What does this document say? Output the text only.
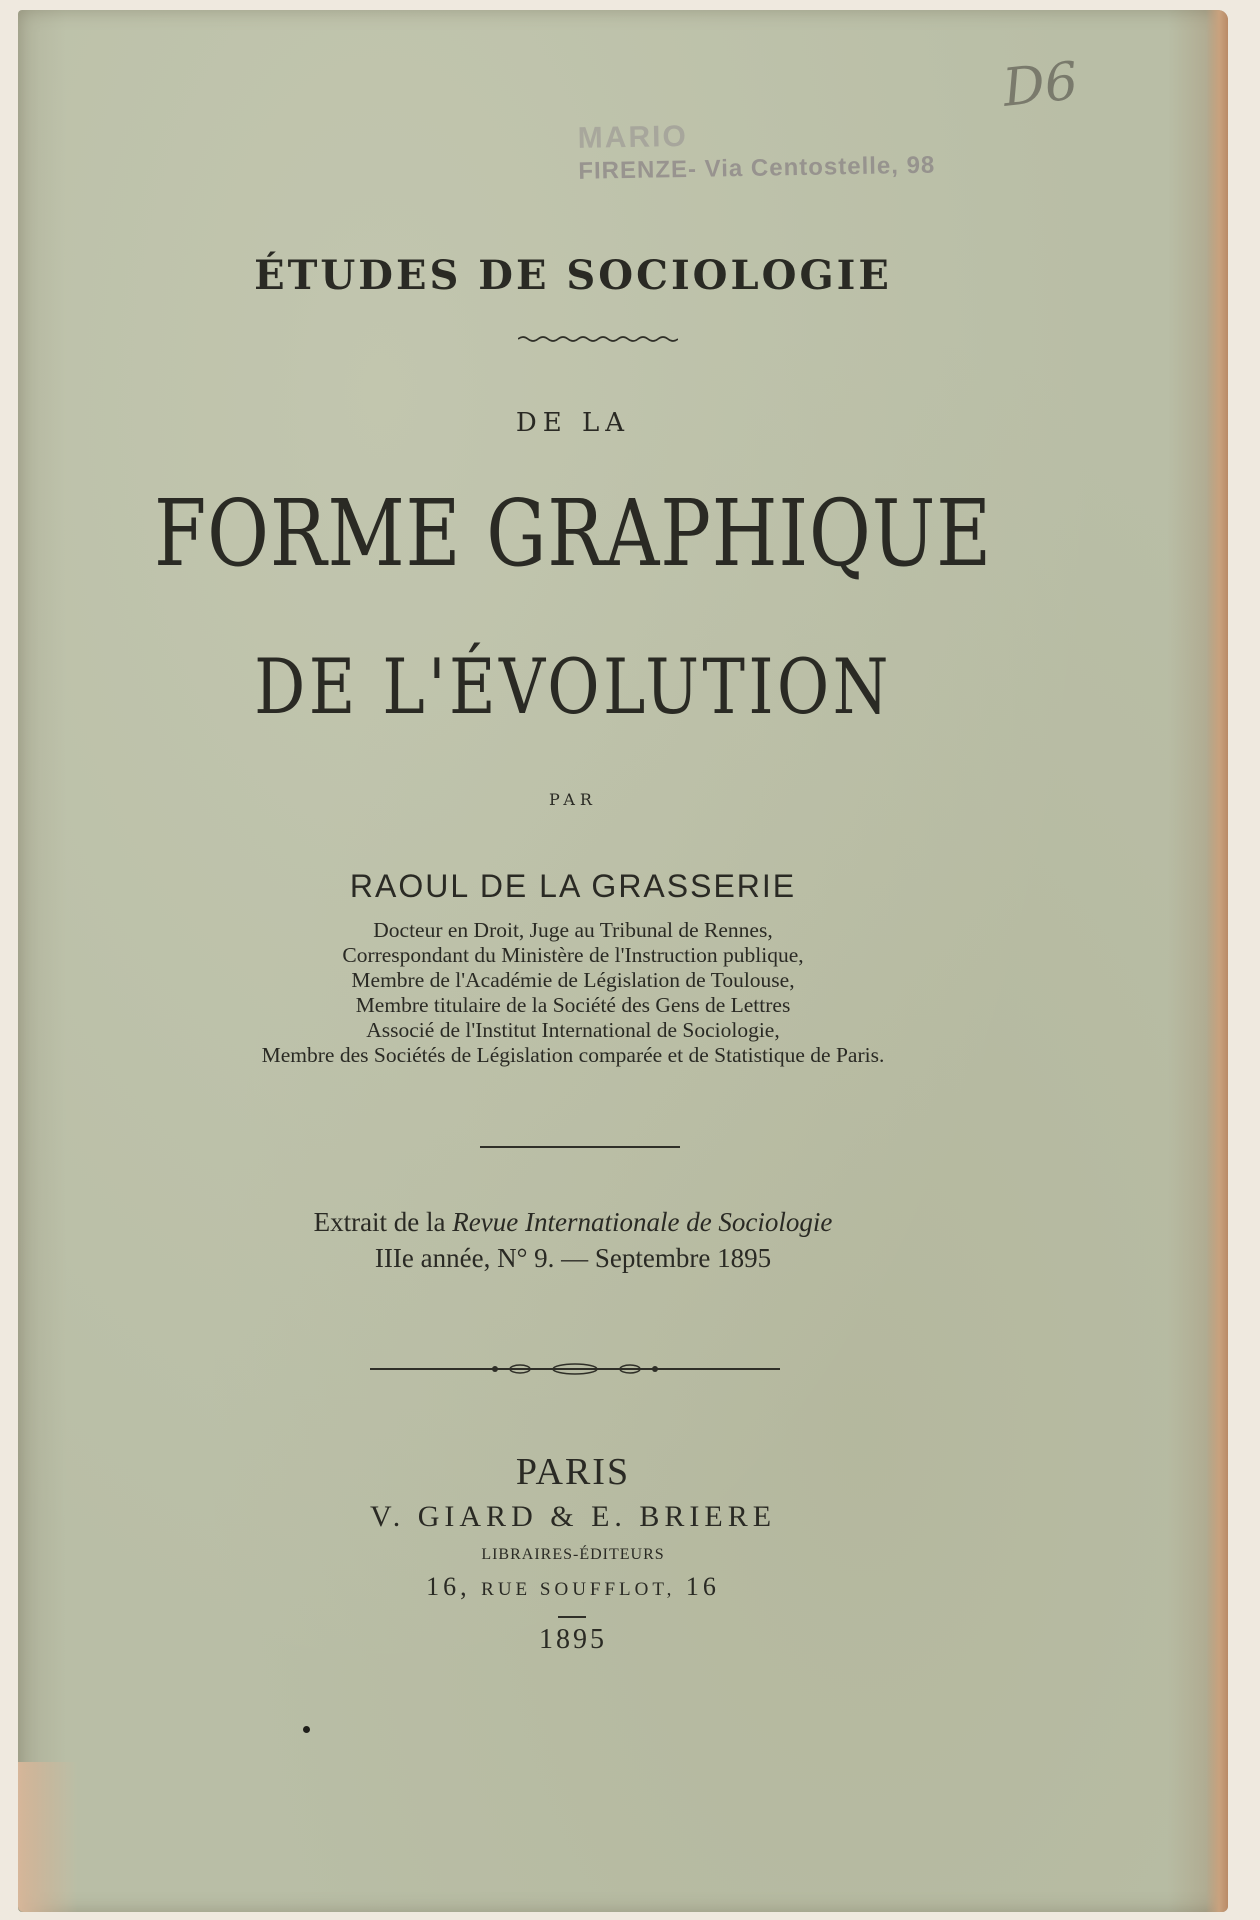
D6
MARIO
FIRENZE- Via Centostelle, 98
ÉTUDES DE SOCIOLOGIE
DE LA
FORME GRAPHIQUE
DE L'ÉVOLUTION
PAR
RAOUL DE LA GRASSERIE
Docteur en Droit, Juge au Tribunal de Rennes,
Correspondant du Ministère de l'Instruction publique,
Membre de l'Académie de Législation de Toulouse,
Membre titulaire de la Société des Gens de Lettres
Associé de l'Institut International de Sociologie,
Membre des Sociétés de Législation comparée et de Statistique de Paris.
Extrait de la Revue Internationale de Sociologie
IIIe année, N° 9. — Septembre 1895
PARIS
V. GIARD & E. BRIERE
LIBRAIRES-ÉDITEURS
16, RUE SOUFFLOT, 16
1895
